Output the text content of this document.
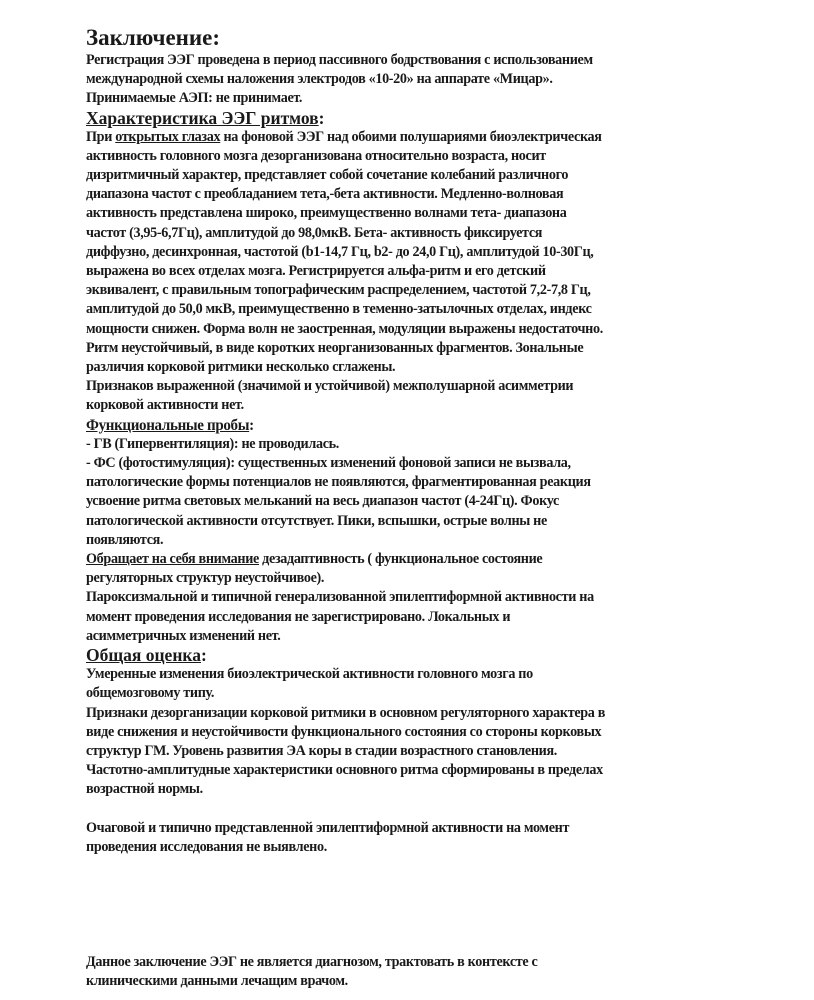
Заключение:
Регистрация ЭЭГ проведена в период пассивного бодрствования с использованием
международной схемы наложения электродов «10-20» на аппарате «Мицар».
Принимаемые АЭП: не принимает.
Характеристика ЭЭГ ритмов:
При открытых глазах на фоновой ЭЭГ над обоими полушариями биоэлектрическая
активность головного мозга дезорганизована относительно возраста, носит
дизритмичный характер, представляет собой сочетание колебаний различного
диапазона частот с преобладанием тета,-бета активности. Медленно-волновая
активность представлена широко, преимущественно волнами тета- диапазона
частот (3,95-6,7Гц), амплитудой до 98,0мкВ. Бета- активность фиксируется
диффузно, десинхронная, частотой (b1-14,7 Гц, b2- до 24,0 Гц), амплитудой 10-30Гц,
выражена во всех отделах мозга. Регистрируется альфа-ритм и его детский
эквивалент, с правильным топографическим распределением, частотой 7,2-7,8 Гц,
амплитудой до 50,0 мкВ, преимущественно в теменно-затылочных отделах, индекс
мощности снижен. Форма волн не заостренная, модуляции выражены недостаточно.
Ритм неустойчивый, в виде коротких неорганизованных фрагментов. Зональные
различия корковой ритмики несколько сглажены.
Признаков выраженной (значимой и устойчивой) межполушарной асимметрии
корковой активности нет.
Функциональные пробы:
- ГВ (Гипервентиляция): не проводилась.
- ФС (фотостимуляция): существенных изменений фоновой записи не вызвала,
патологические формы потенциалов не появляются, фрагментированная реакция
усвоение ритма световых мельканий на весь диапазон частот (4-24Гц). Фокус
патологической активности отсутствует. Пики, вспышки, острые волны не
появляются.
Обращает на себя внимание дезадаптивность ( функциональное состояние
регуляторных структур неустойчивое).
Пароксизмальной и типичной генерализованной эпилептиформной активности на
момент проведения исследования не зарегистрировано. Локальных и
асимметричных изменений нет.
Общая оценка:
Умеренные изменения биоэлектрической активности головного мозга по
общемозговому типу.
Признаки дезорганизации корковой ритмики в основном регуляторного характера в
виде снижения и неустойчивости функционального состояния со стороны корковых
структур ГМ. Уровень развития ЭА коры в стадии возрастного становления.
Частотно-амплитудные характеристики основного ритма сформированы в пределах
возрастной нормы.
Очаговой и типично представленной эпилептиформной активности на момент
проведения исследования не выявлено.
Данное заключение ЭЭГ не является диагнозом, трактовать в контексте с
клиническими данными лечащим врачом.
